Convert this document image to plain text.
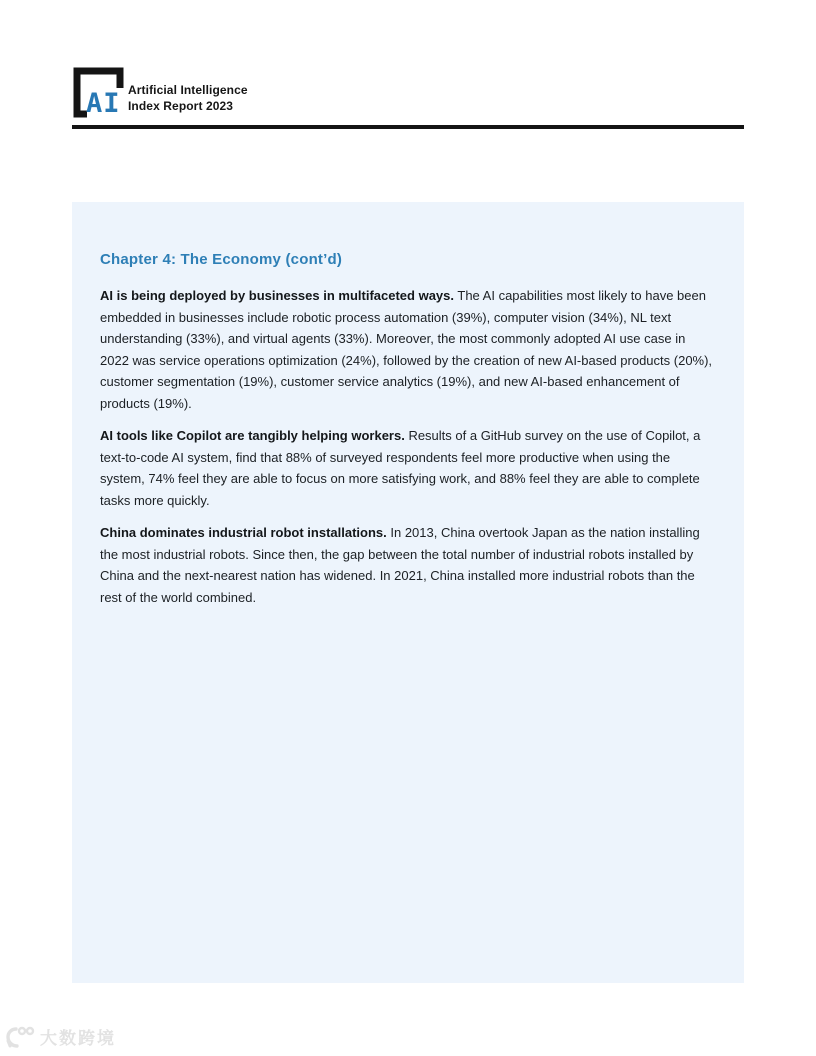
AI Artificial Intelligence
Index Report 2023
Chapter 4: The Economy (cont’d)

AI is being deployed by businesses in multifaceted ways. The AI capabilities most likely to have been embedded in businesses include robotic process automation (39%), computer vision (34%), NL text understanding (33%), and virtual agents (33%). Moreover, the most commonly adopted AI use case in 2022 was service operations optimization (24%), followed by the creation of new AI-based products (20%), customer segmentation (19%), customer service analytics (19%), and new AI-based enhancement of products (19%).

AI tools like Copilot are tangibly helping workers. Results of a GitHub survey on the use of Copilot, a text-to-code AI system, find that 88% of surveyed respondents feel more productive when using the system, 74% feel they are able to focus on more satisfying work, and 88% feel they are able to complete tasks more quickly.

China dominates industrial robot installations. In 2013, China overtook Japan as the nation installing the most industrial robots. Since then, the gap between the total number of industrial robots installed by China and the next-nearest nation has widened. In 2021, China installed more industrial robots than the rest of the world combined.

大数跨境
